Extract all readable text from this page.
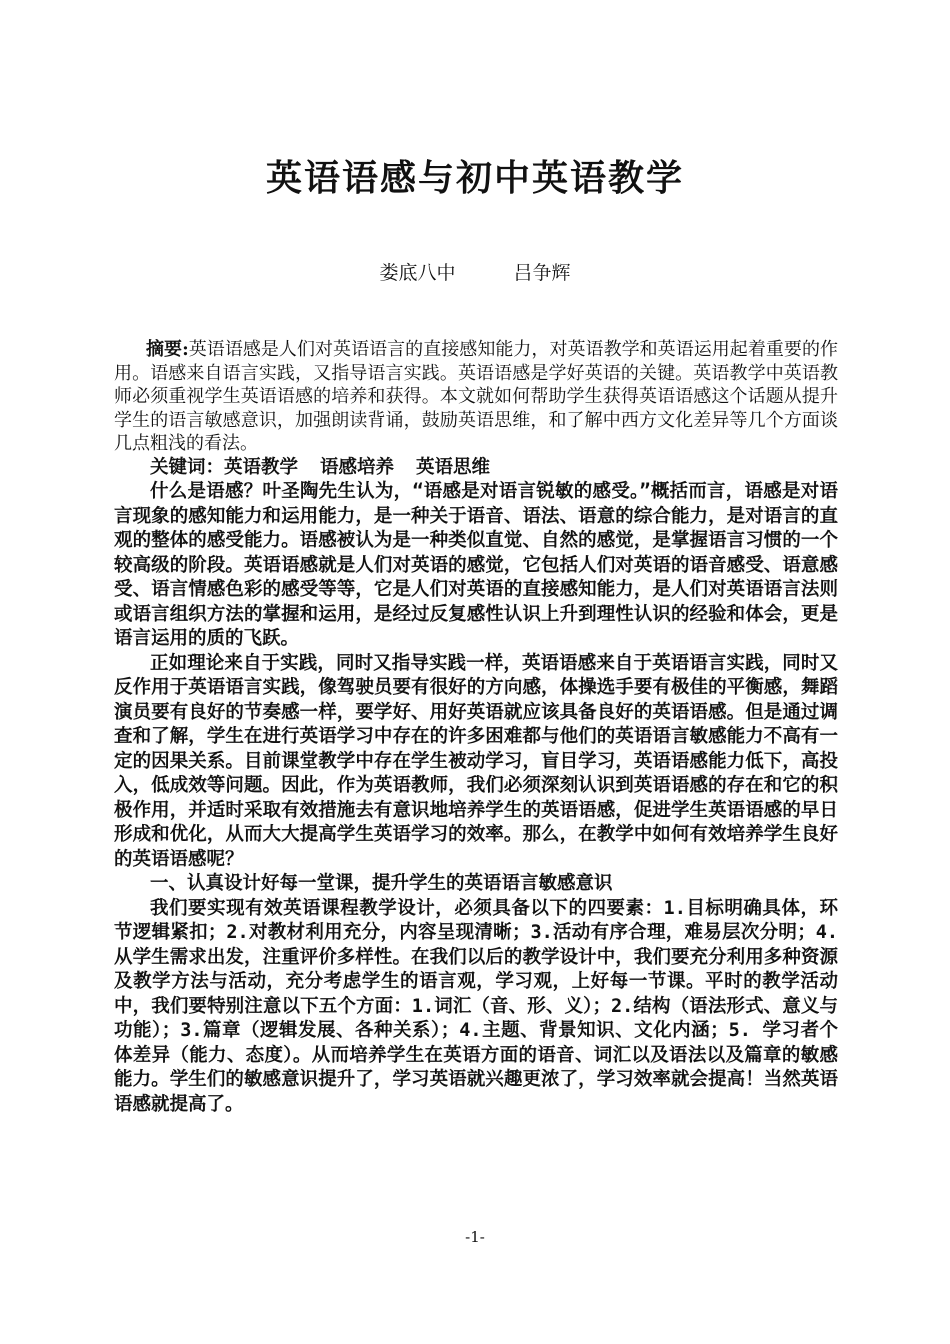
英语语感与初中英语教学
娄底八中	吕争辉

摘要:英语语感是人们对英语语言的直接感知能力，对英语教学和英语运用起着重要的作用。语感来自语言实践，又指导语言实践。英语语感是学好英语的关键。英语教学中英语教师必须重视学生英语语感的培养和获得。本文就如何帮助学生获得英语语感这个话题从提升学生的语言敏感意识，加强朗读背诵，鼓励英语思维，和了解中西方文化差异等几个方面谈几点粗浅的看法。

关键词：英语教学 语感培养 英语思维

什么是语感？叶圣陶先生认为，“语感是对语言锐敏的感受。”概括而言，语感是对语言现象的感知能力和运用能力，是一种关于语音、语法、语意的综合能力，是对语言的直观的整体的感受能力。语感被认为是一种类似直觉、自然的感觉，是掌握语言习惯的一个较高级的阶段。英语语感就是人们对英语的感觉，它包括人们对英语的语音感受、语意感受、语言情感色彩的感受等等，它是人们对英语的直接感知能力，是人们对英语语言法则或语言组织方法的掌握和运用，是经过反复感性认识上升到理性认识的经验和体会，更是语言运用的质的飞跃。

正如理论来自于实践，同时又指导实践一样，英语语感来自于英语语言实践，同时又反作用于英语语言实践，像驾驶员要有很好的方向感，体操选手要有极佳的平衡感，舞蹈演员要有良好的节奏感一样，要学好、用好英语就应该具备良好的英语语感。但是通过调查和了解，学生在进行英语学习中存在的许多困难都与他们的英语语言敏感能力不高有一定的因果关系。目前课堂教学中存在学生被动学习，盲目学习，英语语感能力低下，高投入，低成效等问题。因此，作为英语教师，我们必须深刻认识到英语语感的存在和它的积极作用，并适时采取有效措施去有意识地培养学生的英语语感，促进学生英语语感的早日形成和优化，从而大大提高学生英语学习的效率。那么，在教学中如何有效培养学生良好的英语语感呢？

一、认真设计好每一堂课，提升学生的英语语言敏感意识

我们要实现有效英语课程教学设计，必须具备以下的四要素：1.目标明确具体，环节逻辑紧扣；2.对教材利用充分，内容呈现清晰；3.活动有序合理，难易层次分明；4.从学生需求出发，注重评价多样性。在我们以后的教学设计中，我们要充分利用多种资源及教学方法与活动，充分考虑学生的语言观，学习观，上好每一节课。平时的教学活动中，我们要特别注意以下五个方面：1.词汇（音、形、义）；2.结构（语法形式、意义与功能）；3.篇章（逻辑发展、各种关系）；4.主题、背景知识、文化内涵；5. 学习者个体差异（能力、态度）。从而培养学生在英语方面的语音、词汇以及语法以及篇章的敏感能力。学生们的敏感意识提升了，学习英语就兴趣更浓了，学习效率就会提高！当然英语语感就提高了。

-1-
